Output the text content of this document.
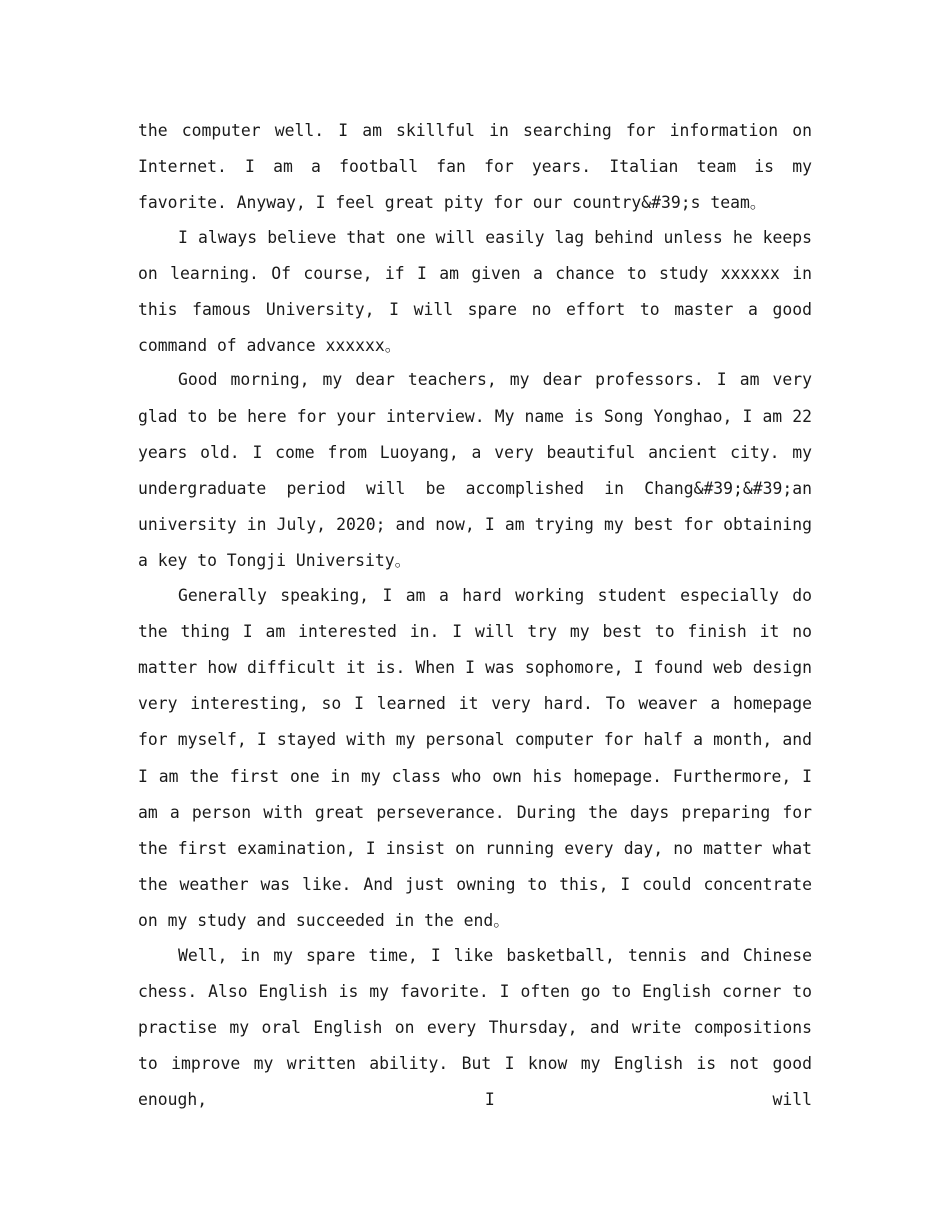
the computer well. I am skillful in searching for information on Internet. I am a football fan for years. Italian team is my favorite. Anyway, I feel great pity for our country&#39;s team。

I always believe that one will easily lag behind unless he keeps on learning. Of course, if I am given a chance to study xxxxxx in this famous University, I will spare no effort to master a good command of advance xxxxxx。

Good morning, my dear teachers, my dear professors. I am very glad to be here for your interview. My name is Song Yonghao, I am 22 years old. I come from Luoyang, a very beautiful ancient city. my undergraduate period will be accomplished in Chang&#39;&#39;an university in July, 2020; and now, I am trying my best for obtaining a key to Tongji University。

Generally speaking, I am a hard working student especially do the thing I am interested in. I will try my best to finish it no matter how difficult it is. When I was sophomore, I found web design very interesting, so I learned it very hard. To weaver a homepage for myself, I stayed with my personal computer for half a month, and I am the first one in my class who own his homepage. Furthermore, I am a person with great perseverance. During the days preparing for the first examination, I insist on running every day, no matter what the weather was like. And just owning to this, I could concentrate on my study and succeeded in the end。

Well, in my spare time, I like basketball, tennis and Chinese chess. Also English is my favorite. I often go to English corner to practise my oral English on every Thursday, and write compositions to improve my written ability. But I know my English is not good enough, I will
